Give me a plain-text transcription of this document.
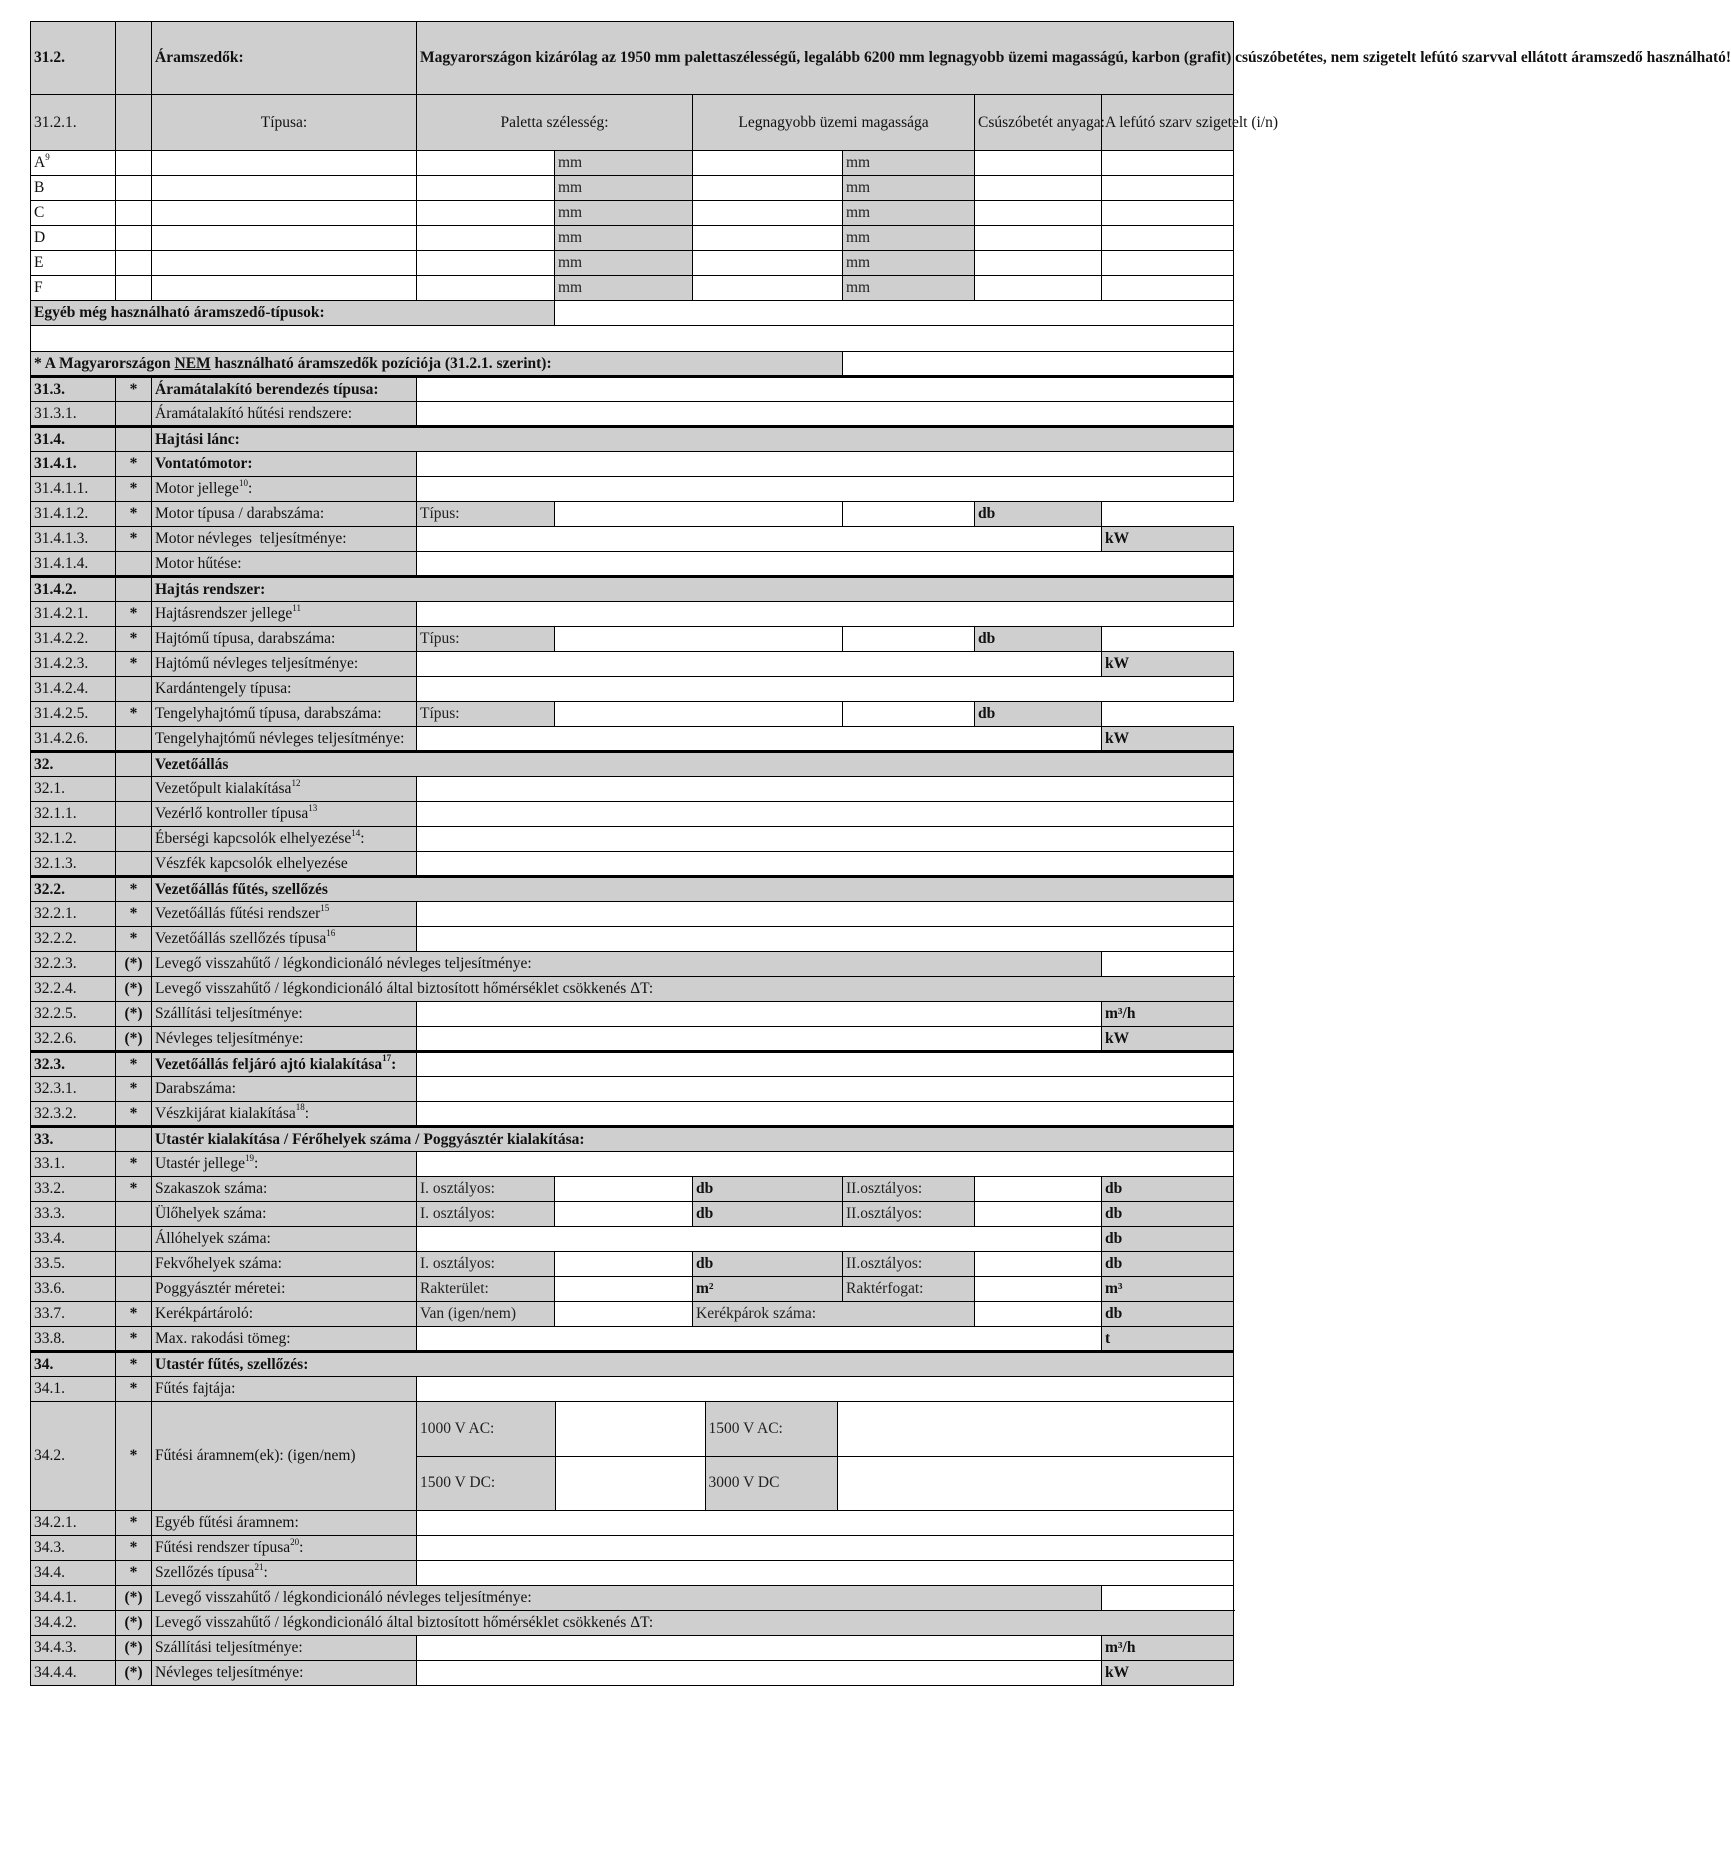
31.2.		Áramszedők:	Magyarországon kizárólag az 1950 mm palettaszélességű, legalább 6200 mm legnagyobb üzemi magasságú, karbon (grafit) csúszóbetétes, nem szigetelt lefútó szarvval ellátott áramszedő használható!
31.2.1.		Típusa:	Paletta szélesség:	Legnagyobb üzemi magassága	Csúszóbetét anyaga:	A lefútó szarv szigetelt (i/n)
$A^9$				mm		mm		
B				mm		mm		
C				mm		mm		
D				mm		mm		
E				mm		mm		
F				mm		mm		
Egyéb még használható áramszedő-típusok:	

* A Magyarországon NEM használható áramszedők pozíciója (31.2.1. szerint):	
31.3.	*	Áramátalakító berendezés típusa:	
31.3.1.		Áramátalakító hűtési rendszere:	
31.4.		Hajtási lánc:
31.4.1.	*	Vontatómotor:	
31.4.1.1.	*	Motor jellege$^{10}$:	
31.4.1.2.	*	Motor típusa / darabszáma:	Típus:			db
31.4.1.3.	*	Motor névleges  teljesítménye:		kW
31.4.1.4.		Motor hűtése:	
31.4.2.		Hajtás rendszer:
31.4.2.1.	*	Hajtásrendszer jellege$^{11}$	
31.4.2.2.	*	Hajtómű típusa, darabszáma:	Típus:			db
31.4.2.3.	*	Hajtómű névleges teljesítménye:		kW
31.4.2.4.		Kardántengely típusa:	
31.4.2.5.	*	Tengelyhajtómű típusa, darabszáma:	Típus:			db
31.4.2.6.		Tengelyhajtómű névleges teljesítménye:		kW
32.		Vezetőállás
32.1.		Vezetőpult kialakítása$^{12}$	
32.1.1.		Vezérlő kontroller típusa$^{13}$	
32.1.2.		Éberségi kapcsolók elhelyezése$^{14}$:	
32.1.3.		Vészfék kapcsolók elhelyezése	
32.2.	*	Vezetőállás fűtés, szellőzés
32.2.1.	*	Vezetőállás fűtési rendszer$^{15}$	
32.2.2.	*	Vezetőállás szellőzés típusa$^{16}$	
32.2.3.	(*)	Levegő visszahűtő / légkondicionáló névleges teljesítménye:		
32.2.4.	(*)	Levegő visszahűtő / légkondicionáló által biztosított hőmérséklet csökkenés ΔT:		
32.2.5.	(*)	Szállítási teljesítménye:		m³/h
32.2.6.	(*)	Névleges teljesítménye:		kW
32.3.	*	Vezetőállás feljáró ajtó kialakítása$^{17}$:	
32.3.1.	*	Darabszáma:	
32.3.2.	*	Vészkijárat kialakítása$^{18}$:	
33.		Utastér kialakítása / Férőhelyek száma / Poggyásztér kialakítása:
33.1.	*	Utastér jellege$^{19}$:	
33.2.	*	Szakaszok száma:	I. osztályos:		db	II.osztályos:		db
33.3.		Ülőhelyek száma:	I. osztályos:		db	II.osztályos:		db
33.4.		Állóhelyek száma:		db
33.5.		Fekvőhelyek száma:	I. osztályos:		db	II.osztályos:		db
33.6.		Poggyásztér méretei:	Rakterület:		m²	Raktérfogat:		m³
33.7.	*	Kerékpártároló:	Van (igen/nem)		Kerékpárok száma:		db
33.8.	*	Max. rakodási tömeg:		t
34.	*	Utastér fűtés, szellőzés:
34.1.	*	Fűtés fajtája:	
34.2.	*	Fűtési áramnem(ek): (igen/nem)	
1000 V AC:		1500 V AC:	
1500 V DC:		3000 V DC	

34.2.1.	*	Egyéb fűtési áramnem:	
34.3.	*	Fűtési rendszer típusa$^{20}$:	
34.4.	*	Szellőzés típusa$^{21}$:	
34.4.1.	(*)	Levegő visszahűtő / légkondicionáló névleges teljesítménye:		
34.4.2.	(*)	Levegő visszahűtő / légkondicionáló által biztosított hőmérséklet csökkenés ΔT:		
34.4.3.	(*)	Szállítási teljesítménye:		m³/h
34.4.4.	(*)	Névleges teljesítménye:		kW
